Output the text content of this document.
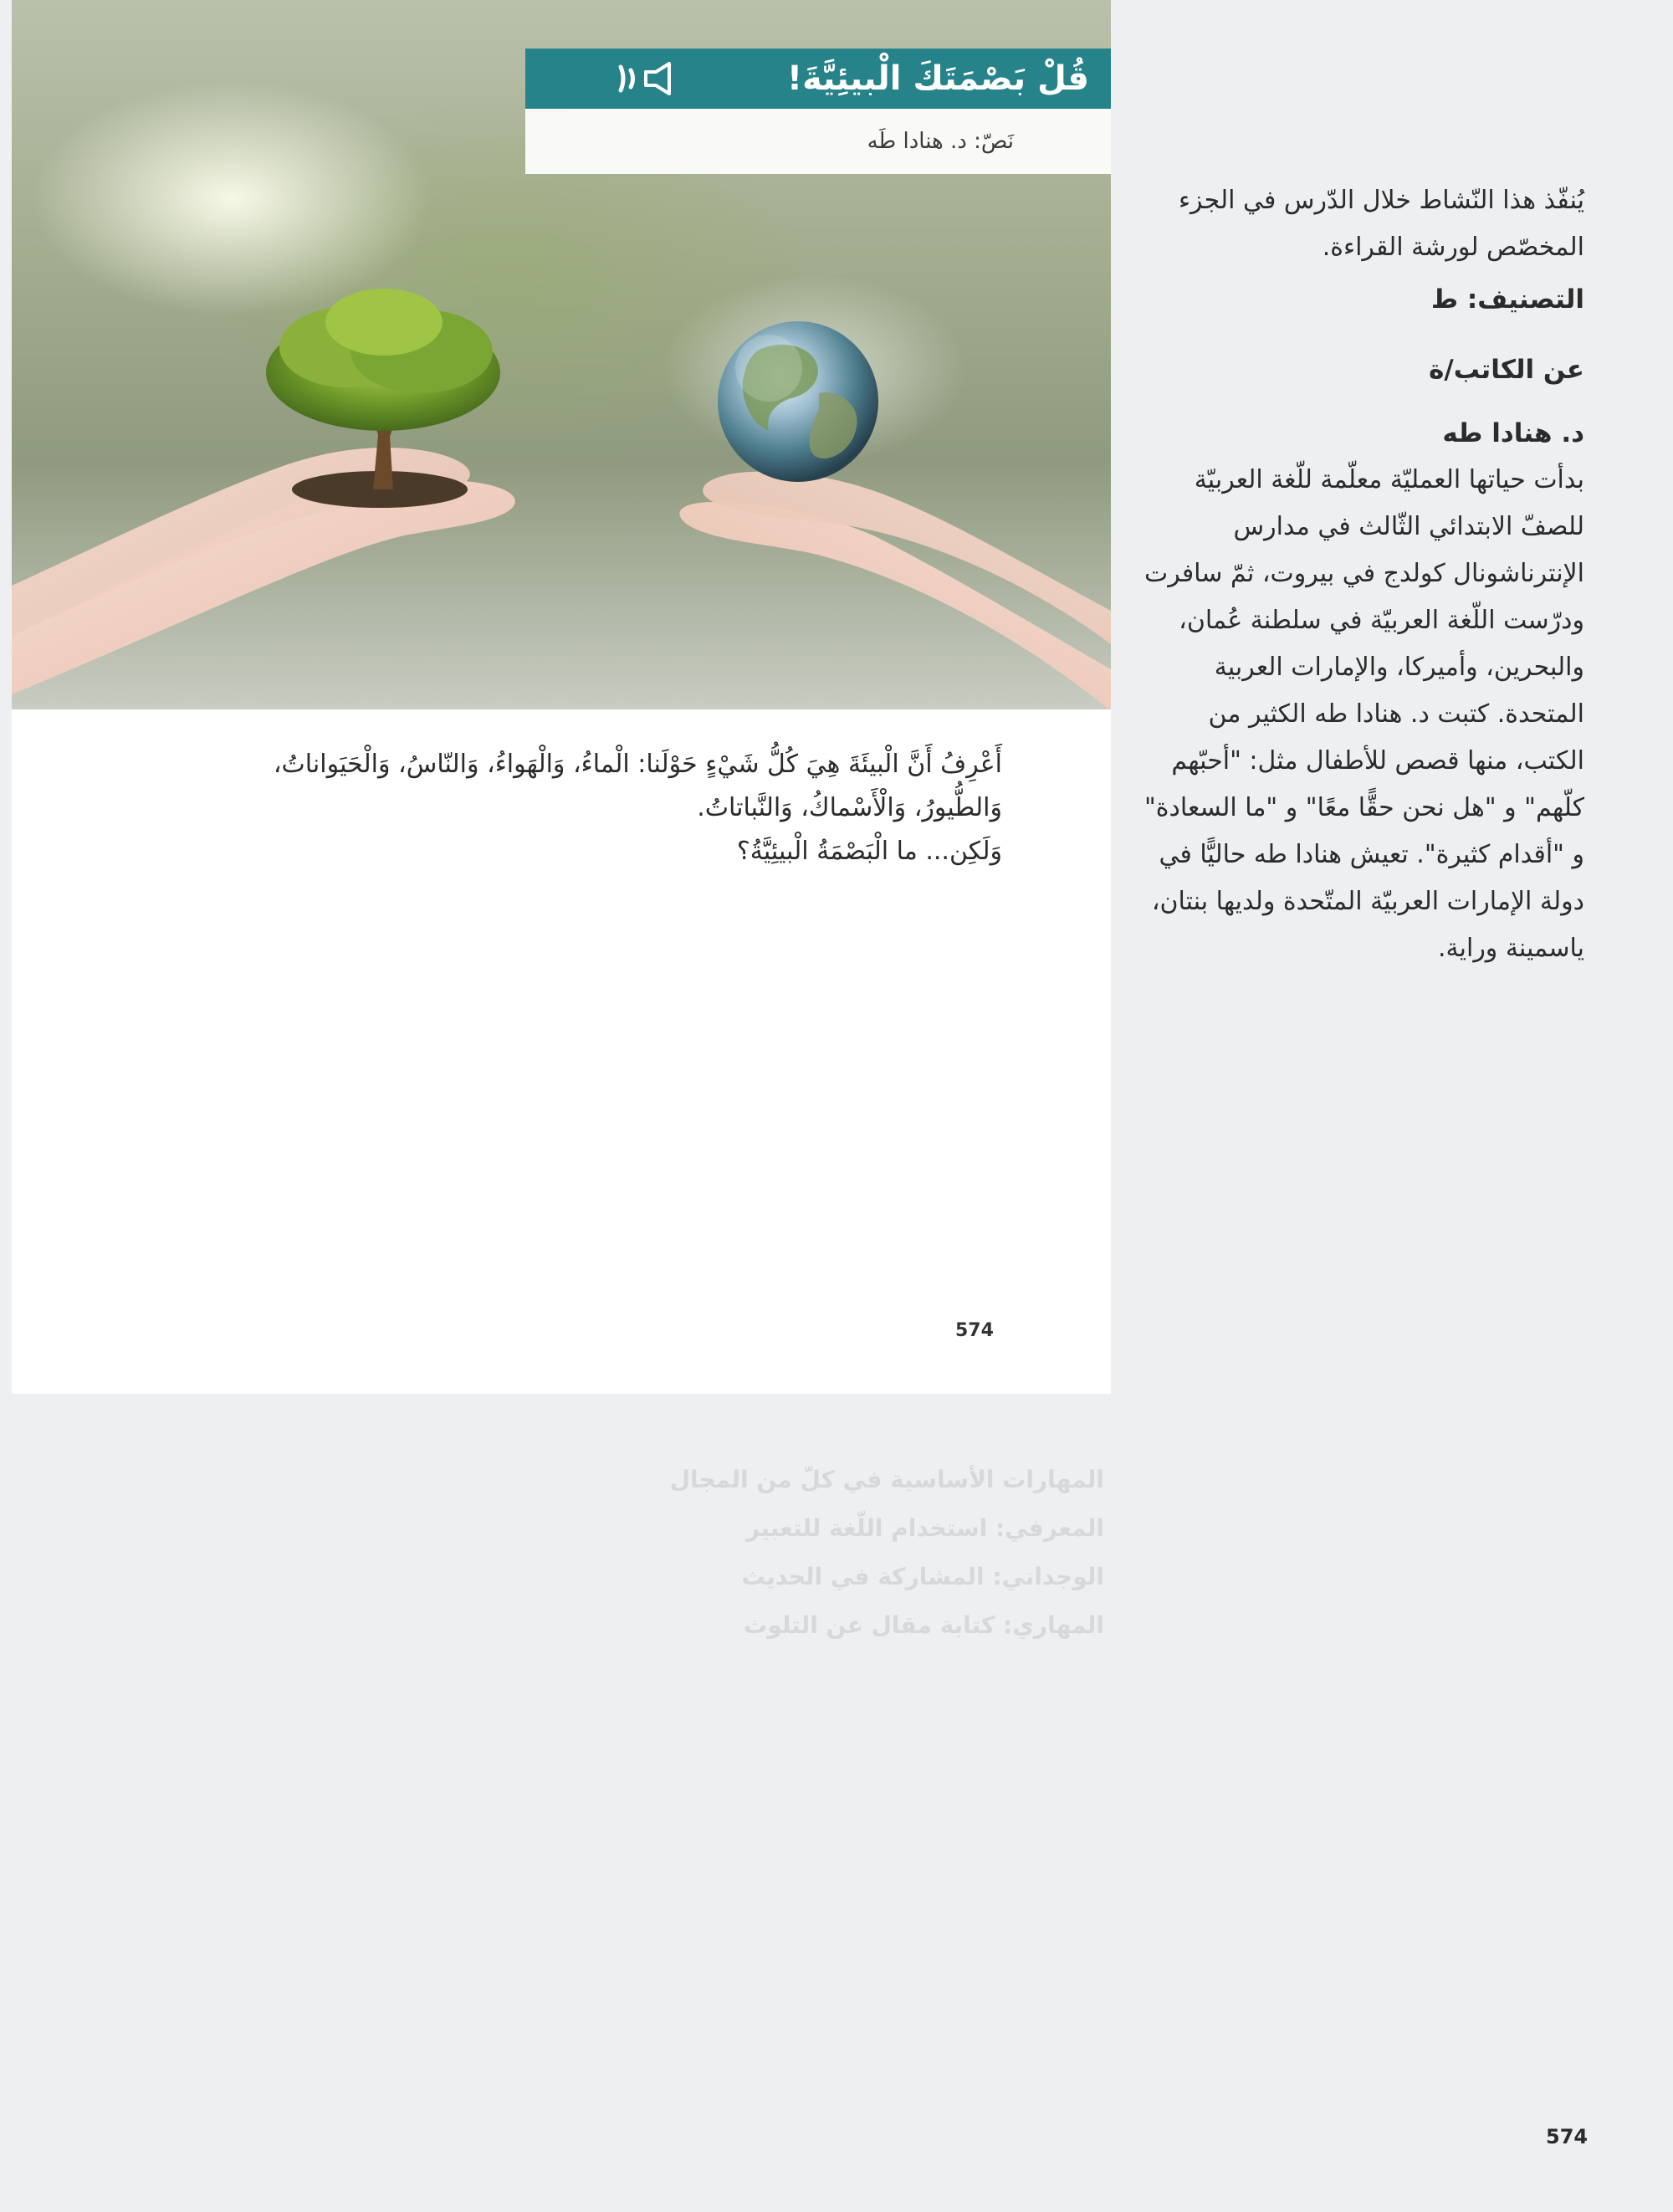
المهارات الأساسية في كلّ من المجال
المعرفي: استخدام اللّغة للتعبير
الوجداني: المشاركة في الحديث
المهاري: كتابة مقال عن التلوث
قُلْ بَصْمَتَكَ الْبيئِيَّةَ!
نَصّ: د. هنادا طَه

أَعْرِفُ أَنَّ الْبيئَةَ هِيَ كُلُّ شَيْءٍ حَوْلَنا: الْماءُ، وَالْهَواءُ، وَالنّاسُ، وَالْحَيَواناتُ، وَالطُّيورُ، وَالْأَسْماكُ، وَالنَّباتاتُ.

وَلَكِن... ما الْبَصْمَةُ الْبيئِيَّةُ؟

574

يُنفّذ هذا النّشاط خلال الدّرس في الجزء المخصّص لورشة القراءة.

التصنيف: ط
عن الكاتب/ة
د. هنادا طه

بدأت حياتها العمليّة معلّمة للّغة العربيّة للصفّ الابتدائي الثّالث في مدارس الإنترناشونال كولدج في بيروت، ثمّ سافرت ودرّست اللّغة العربيّة في سلطنة عُمان، والبحرين، وأميركا، والإمارات العربية المتحدة. كتبت د. هنادا طه الكثير من الكتب، منها قصص للأطفال مثل: "أحبّهم كلّهم" و "هل نحن حقًّا معًا" و "ما السعادة" و "أقدام كثيرة". تعيش هنادا طه حاليًّا في دولة الإمارات العربيّة المتّحدة ولديها بنتان، ياسمينة وراية.

574
